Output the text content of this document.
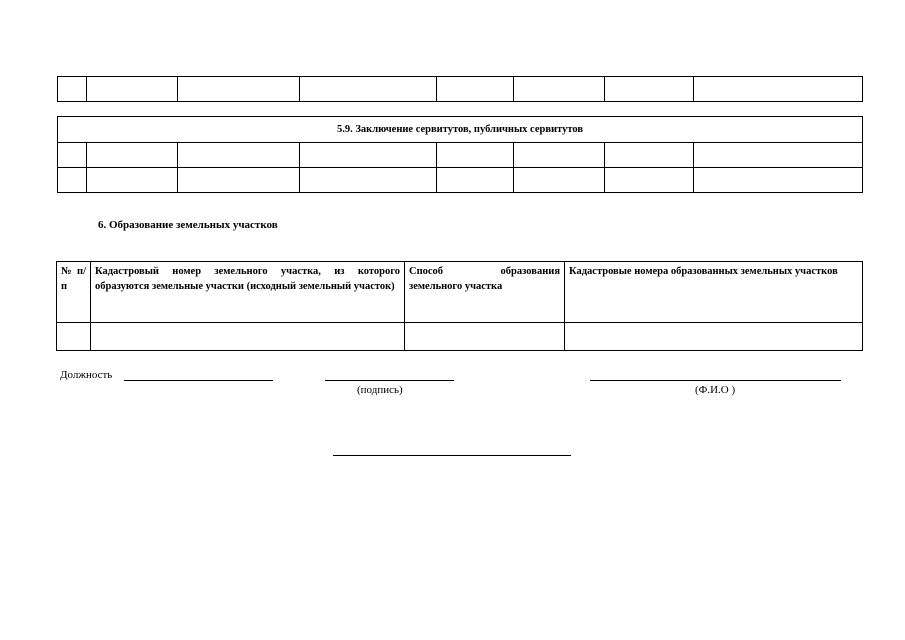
5.9. Заключение сервитутов, публичных сервитутов							

6. Образование земельных участков

№ п/п	Кадастровый номер земельного участка, из которого образуются земельные участки (исходный земельный участок)	Способ образования земельного участка	Кадастровые номера образованных земельных участков

Должность
(подпись)	(Ф.И.О )
